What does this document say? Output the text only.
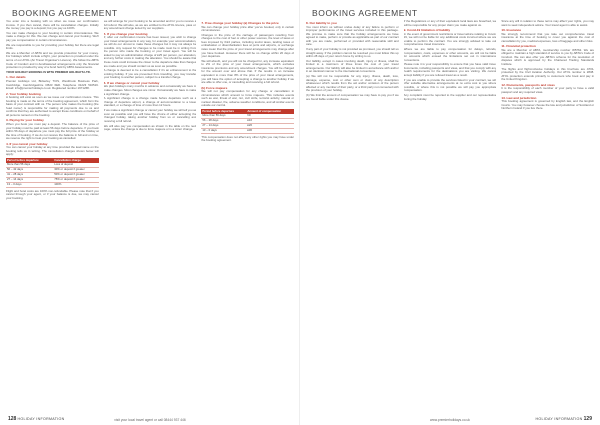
BOOKING AGREEMENT
You enter into a booking with us when we issue our confirmation invoice. If you then cancel, there will be cancellation charges. Initially the money you pay is a deposit; but you pay us 100%.
You can make changes to your booking in certain circumstances. We make a charge for this. We can change and cancel your booking. We'll pay you compensation in certain circumstances.
We are responsible to you for providing your holiday but there are legal limits.
We are a Member of ABTA and we provide protection for your money. For holidays which include a flight, your protection is provided under the terms of our ATOL (Air Travel Organiser's Licence). We follow the ABTA Code of Conduct and in-bond/assured arrangements only the financial protection is provided by way of a bond held by ABTA Assessments.
YOUR HOLIDAY BOOKING IS WITH PREMIER HOLIDAYS LTD.
1. Our details
Premier Holidays Ltd, Bickerley TCIS, Westbrook Business Park, Cambridge, Cambridgeshire CB23 6ED. Telephone 01223 516516. Email: info@premierholidays.co.uk. Registered number 1971268.
2. Your holiday booking
A booking will exist as soon as we issue our confirmation invoice. This booking is made on the terms of the booking agreement, which form the basis of your contract with us. The person who makes the booking (the 'lead name') is responsible for making all payments due to us and confirms that they are authorised to accept these conditions on behalf of all persons named on the booking.
3. Paying for your holiday
When you book you must pay a deposit. The balance of the price of your holiday must be paid at least 56 days before departure. If you book within 56 days of departure you must pay the full price of the holiday at the time of booking. If we do not receive the balance in full and on time, we reserve the right to treat your booking as cancelled.
4. If you cancel your holiday
You can cancel your holiday at any time provided the lead name on the booking tells us in writing. The cancellation charges shown below will apply:
Period before departure	Cancellation charge
More than 56 days	Loss of deposit
56 – 42 days	30% or deposit if greater
41 – 28 days	50% or deposit if greater
27 – 14 days	75% or deposit if greater
13 – 0 days	100%
Flight and hotel costs are 100% non-refundable. Please note that if you cancel through your agent, or if your balance is due, we may cancel your booking.
we will arrange for your booking to be amended and for you to receive a full refund. We will also, as we are entitled to the ATOL licence, pass on any amendment charge levied by our suppliers.
5. If you change your booking
If, after our confirmation invoice has been issued, you wish to change your travel arrangements in any way, for example your accommodation, we will do our utmost to make these changes but it may not always be possible. Any request for changes to be made must be in writing from the person who made the booking or your travel agent. You will be asked to pay an administration charge of £25 per person, per alteration, and any further costs in making the alteration. You should be aware that these costs could increase the closer to the departure date that changes are made and you should contact us as soon as possible.
A change is deemed to be a cancellation if it's an enhancement to the existing holiday. If you are prevented from travelling, you may transfer your booking to another person, subject to a transfer charge.
6. If we change or cancel your holiday
We plan holidays many months in advance and occasionally we have to make changes. Most changes are minor. Occasionally we have to make a significant change.
A significant change is a change made before departure such as a change of departure airport, a change of accommodation to a lower standard, or a change of time of more than 12 hours.
If we make a significant change or cancel your holiday we will tell you as soon as possible and you will have the choice of either accepting the changed holiday, taking another holiday from us or cancelling and receiving a full refund.
We will also pay you compensation as shown in the table on the next page, unless the change is due to force majeure or is a minor change.
7. If we change your holiday (a) Changes to the price
We can change your holiday price after you've booked, only in certain circumstances.
Changes in the price of the carriage of passengers resulting from changes to the cost of fuel or other power sources, the level of taxes or fees imposed by third parties, including tourist taxes, landing taxes or embarkation or disembarkation fees at ports and airports, or exchange rates mean that the price of your travel arrangements may change after you have booked. However there will be no change within 20 days of your departure.
We will absorb, and you will not be charged for, any increase equivalent to 2% of the price of your travel arrangements, which excludes insurance premiums and any amendment charges. You will be charged for the amount over and above that. If the results in an increase equivalent to more than 8% of the price of your travel arrangements, you will have the option of accepting a change to another holiday if we are able to offer one, or cancelling and receiving a full refund.
(b) Force majeure
We will not pay compensation for any change or cancellation in circumstances which amount to force majeure. This includes events such as war, threat of war, riot, civil strife, terrorist activity, natural or nuclear disaster, fire, adverse weather conditions, and all similar events outside our control.
Period before departure	Amount of compensation
More than 56 days	Nil
56 – 28 days	£10
27 – 14 days	£20
13 – 0 days	£30
This compensation does not affect any other rights you may have under the booking agreement.
128 HOLIDAY INFORMATION	visit your local travel agent or call 08444 937 446
BOOKING AGREEMENT
8. Our liability to you
You must inform us without undue delay of any failure to perform or improper performance of the travel services included in this package. We promise to make sure that the holiday arrangements we have agreed to make, perform or provide as applicable as part of our contract with you are made, performed or provided with reasonable skill and care.
If any part of your holiday is not provided as promised, you should tell us straight away. If the problem cannot be resolved you must follow this up within 28 days of your return home by writing to us.
Our liability, except in cases involving death, injury or illness, shall be limited to a maximum of three times the cost of your travel arrangements. Our liability will also be limited in accordance with and/or in an identical manner to the international conventions.
(a) We will not be responsible for any injury, illness, death, loss, damage, expense, cost or other sum or claim of any description whatsoever which results from the act and/or omission of the person affected or any member of their party, or a third party not connected with the provision of your holiday.
(b) We limit the amount of compensation we may have to pay you if we are found liable under this clause.
If the Regulations or any of their equivalent local laws are breached, we will be responsible for any proper claim you make against us.
9. Covid-19 limitation of liability
In the event of government restrictions or travel advice relating to Covid-19, we will not be liable for any additional costs incurred where we are unable to perform the contract. You are strongly advised to take out comprehensive travel insurance.
Where we are liable to pay compensation for delays, refunds, compensation, costs, expenses or other amounts, we will not be liable for amounts which exceed the limitations set out in international conventions.
Please note it is your responsibility to ensure that you have valid travel documents, including passports and visas, and that you comply with any health requirements for the destinations you are visiting. We cannot accept liability if you are refused travel as a result.
If you are unable to provide the services listed in your contract, we will offer suitable alternative arrangements at no extra cost to you where possible, or where this is not possible we will pay you appropriate compensation.
Any complaint must be reported to the supplier and our representative during the holiday.
Since any will in relation to these terms may affect your rights, you may want to seek independent advice. Your travel agent is able to assist.
10. Insurance
We strongly recommend that you take out comprehensive travel insurance at the time of booking to cover you against the cost of cancellation by you, medical expenses, loss of baggage and other risks.
11. Financial protection
We are a Member of ABTA, membership number W5762. We are obliged to maintain a high standard of service to you by ABTA's Code of Conduct. We can also offer you ABTA's scheme for the resolution of disputes which is approved by the Chartered Trading Standards Institute.
The flights and flight-inclusive holidays in this brochure are ATOL protected by the Civil Aviation Authority. Our ATOL number is 2838. ATOL protection extends primarily to customers who book and pay in the United Kingdom.
12. Documents, passports and visas
It is the responsibility of each member of your party to have a valid passport and any required visas.
13. Law and jurisdiction
This booking agreement is governed by English law, and the English Courts. You may however choose the law and jurisdiction of Scotland or Northern Ireland if you live there.
www.premierholidays.co.uk	HOLIDAY INFORMATION 129
